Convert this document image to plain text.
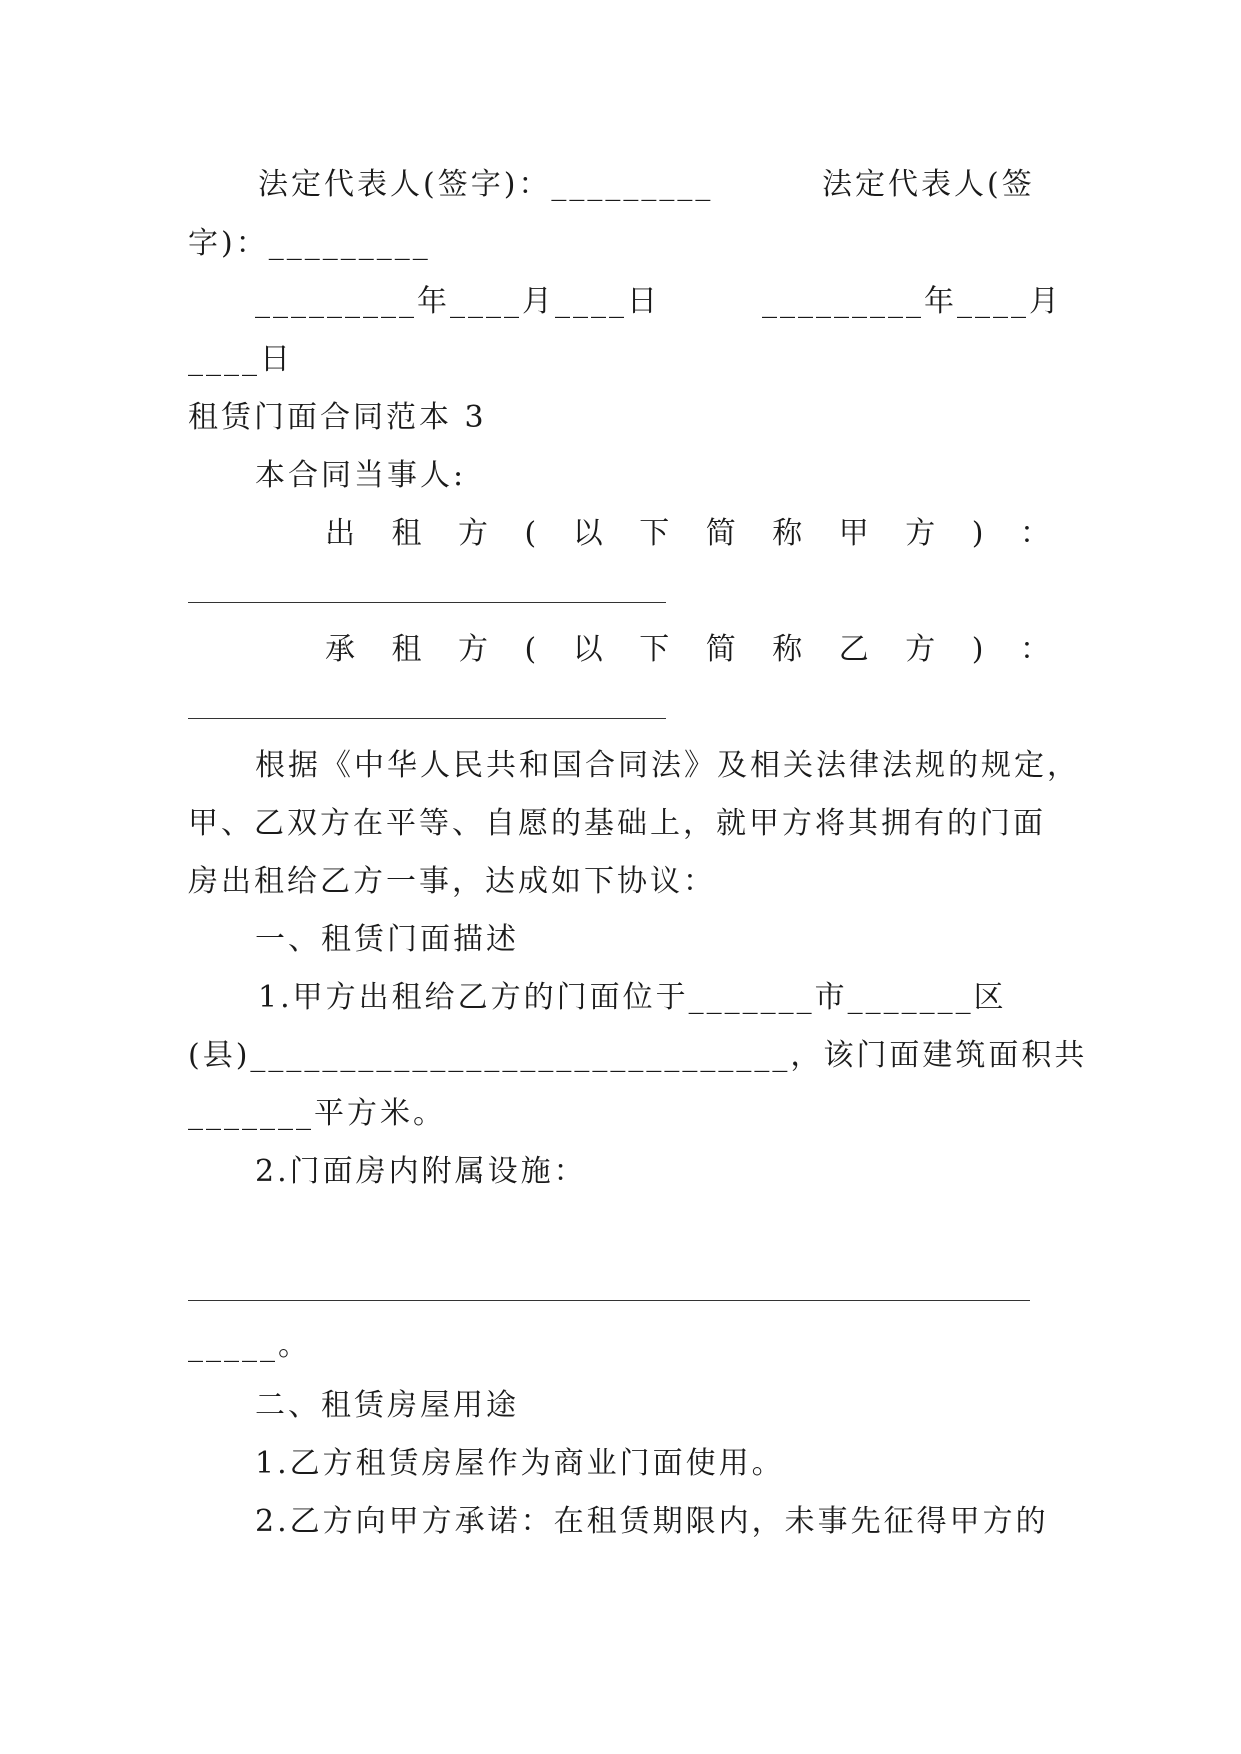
法定代表人(签字)：_________	法定代表人(签
字)：_________
_________年____月____日	_________年____月
____日
租赁门面合同范本 3
本合同当事人:
出 租 方 ( 以 下 简 称 甲 方 ) ：
承 租 方 ( 以 下 简 称 乙 方 ) ：
根据《中华人民共和国合同法》及相关法律法规的规定，
甲、乙双方在平等、自愿的基础上，就甲方将其拥有的门面
房出租给乙方一事，达成如下协议：
一、租赁门面描述
1.甲方出租给乙方的门面位于_______市_______区
(县)______________________________，该门面建筑面积共
_______平方米。
2.门面房内附属设施：
_____。
二、租赁房屋用途
1.乙方租赁房屋作为商业门面使用。
2.乙方向甲方承诺：在租赁期限内，未事先征得甲方的
